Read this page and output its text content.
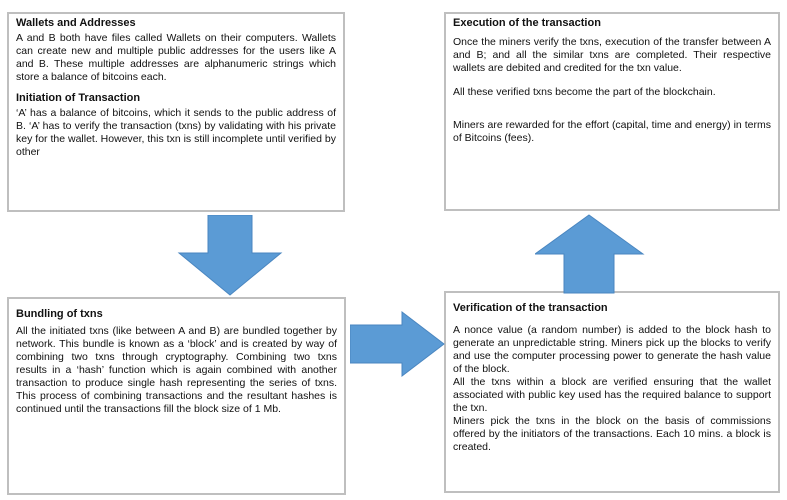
Wallets and Addresses

A and B both have files called Wallets on their computers. Wallets can create new and multiple public addresses for the users like A and B. These multiple addresses are alphanumeric strings which store a balance of bitcoins each.

Initiation of Transaction

‘A’ has a balance of bitcoins, which it sends to the public address of B. ‘A’ has to verify the transaction (txns) by validating with his private key for the wallet. However, this txn is still incomplete until verified by other

Execution of the transaction

Once the miners verify the txns, execution of the transfer between A and B; and all the similar txns are completed. Their respective wallets are debited and credited for the txn value.

All these verified txns become the part of the blockchain.

Miners are rewarded for the effort (capital, time and energy) in terms of Bitcoins (fees).

Bundling of txns

All the initiated txns (like between A and B) are bundled together by network. This bundle is known as a ‘block’ and is created by way of combining two txns through cryptography. Combining two txns results in a ‘hash’ function which is again combined with another transaction to produce single hash representing the series of txns. This process of combining transactions and the resultant hashes is continued until the transactions fill the block size of 1 Mb.

Verification of the transaction

A nonce value (a random number) is added to the block hash to generate an unpredictable string. Miners pick up the blocks to verify and use the computer processing power to generate the hash value of the block.

All the txns within a block are verified ensuring that the wallet associated with public key used has the required balance to support the txn.

Miners pick the txns in the block on the basis of commissions offered by the initiators of the transactions. Each 10 mins. a block is created.
